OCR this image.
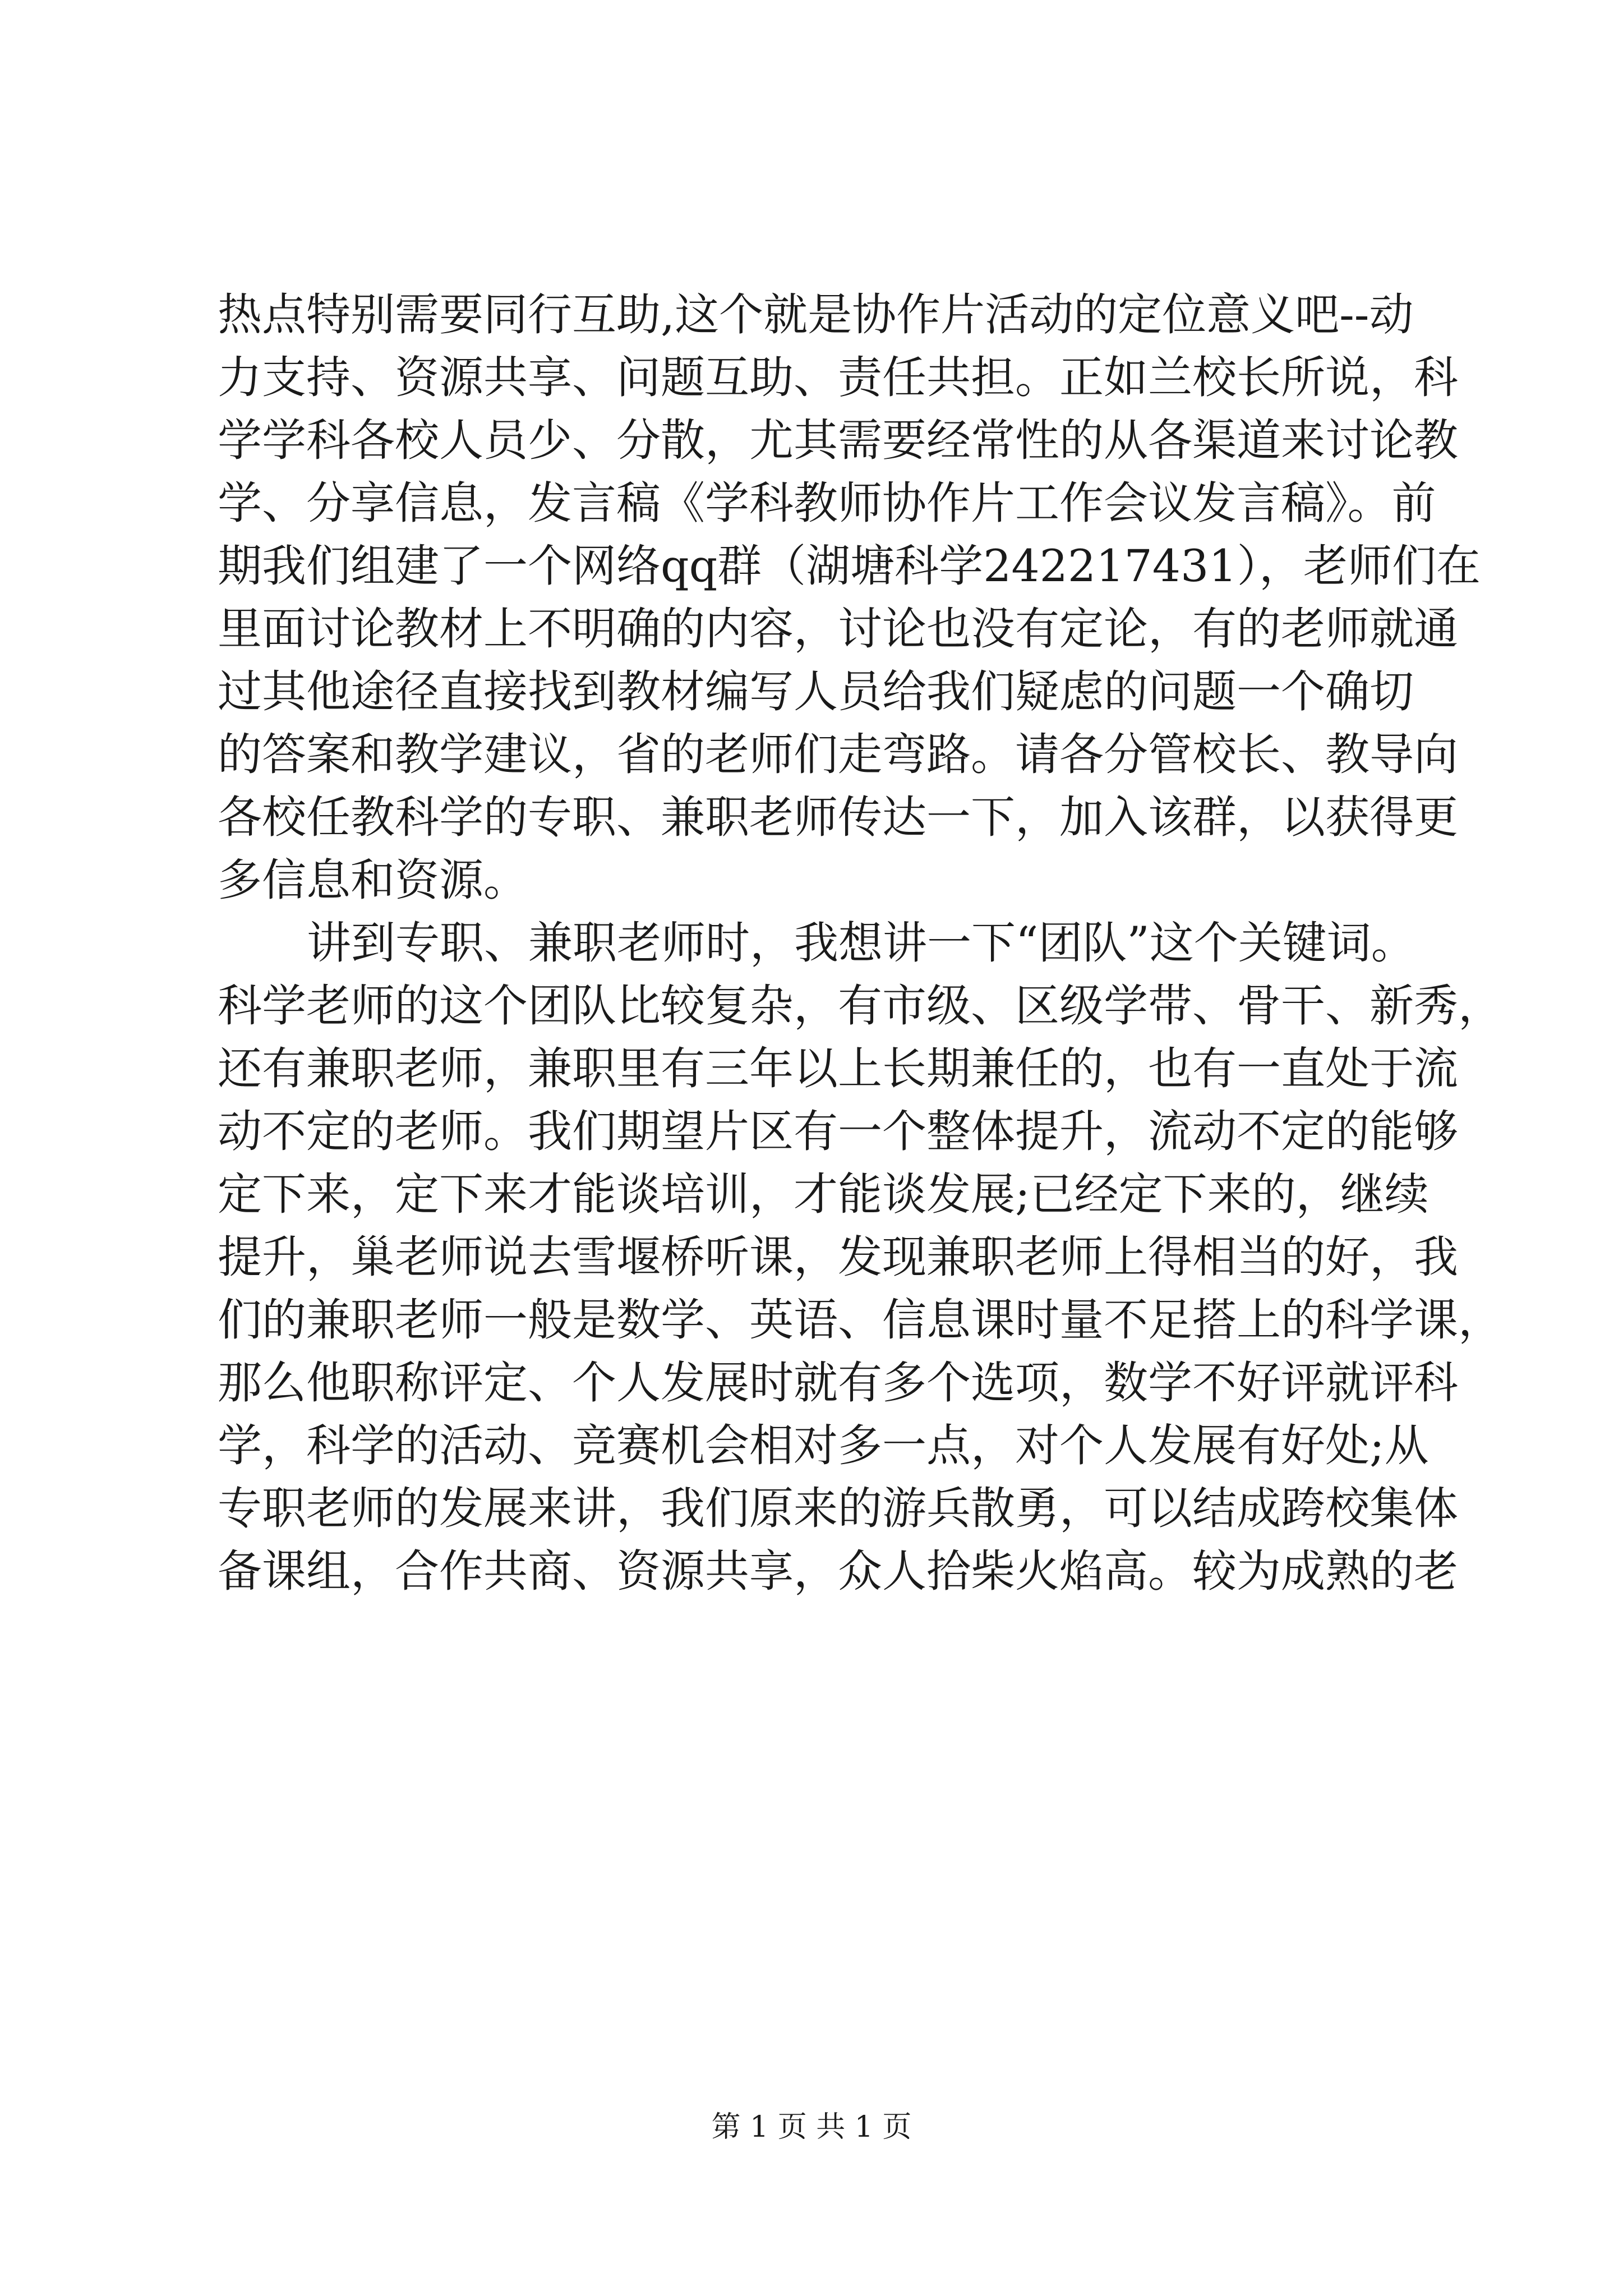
热点特别需要同行互助,这个就是协作片活动的定位意义吧--动
力支持、资源共享、问题互助、责任共担。正如兰校长所说，科
学学科各校人员少、分散，尤其需要经常性的从各渠道来讨论教
学、分享信息，发言稿《学科教师协作片工作会议发言稿》。前
期我们组建了一个网络qq群（湖塘科学242217431），老师们在
里面讨论教材上不明确的内容，讨论也没有定论，有的老师就通
过其他途径直接找到教材编写人员给我们疑虑的问题一个确切
的答案和教学建议，省的老师们走弯路。请各分管校长、教导向
各校任教科学的专职、兼职老师传达一下，加入该群，以获得更
多信息和资源。
讲到专职、兼职老师时，我想讲一下“团队”这个关键词。
科学老师的这个团队比较复杂，有市级、区级学带、骨干、新秀，
还有兼职老师，兼职里有三年以上长期兼任的，也有一直处于流
动不定的老师。我们期望片区有一个整体提升，流动不定的能够
定下来，定下来才能谈培训，才能谈发展;已经定下来的，继续
提升，巢老师说去雪堰桥听课，发现兼职老师上得相当的好，我
们的兼职老师一般是数学、英语、信息课时量不足搭上的科学课，
那么他职称评定、个人发展时就有多个选项，数学不好评就评科
学，科学的活动、竞赛机会相对多一点，对个人发展有好处;从
专职老师的发展来讲，我们原来的游兵散勇，可以结成跨校集体
备课组，合作共商、资源共享，众人拾柴火焰高。较为成熟的老
第 1 页 共 1 页
